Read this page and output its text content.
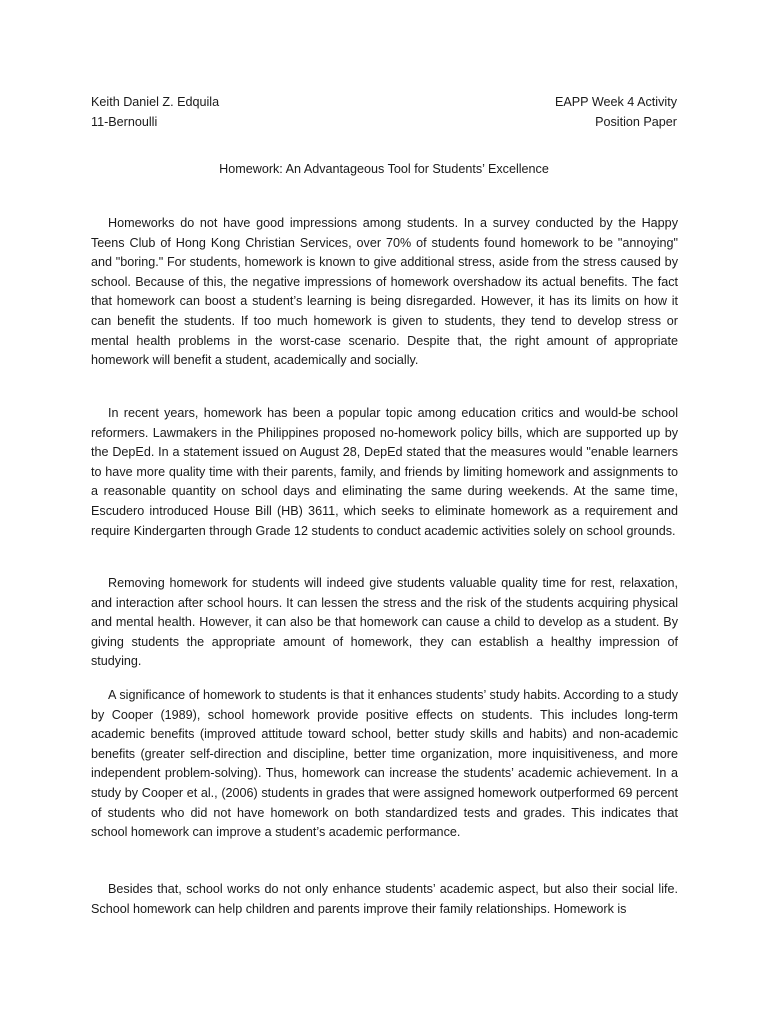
Keith Daniel Z. Edquila	EAPP Week 4 Activity
11-Bernoulli	Position Paper
Homework: An Advantageous Tool for Students’ Excellence

Homeworks do not have good impressions among students. In a survey conducted by the Happy Teens Club of Hong Kong Christian Services, over 70% of students found homework to be "annoying" and "boring." For students, homework is known to give additional stress, aside from the stress caused by school. Because of this, the negative impressions of homework overshadow its actual benefits. The fact that homework can boost a student’s learning is being disregarded. However, it has its limits on how it can benefit the students. If too much homework is given to students, they tend to develop stress or mental health problems in the worst-case scenario. Despite that, the right amount of appropriate homework will benefit a student, academically and socially.

In recent years, homework has been a popular topic among education critics and would-be school reformers. Lawmakers in the Philippines proposed no-homework policy bills, which are supported up by the DepEd. In a statement issued on August 28, DepEd stated that the measures would "enable learners to have more quality time with their parents, family, and friends by limiting homework and assignments to a reasonable quantity on school days and eliminating the same during weekends. At the same time, Escudero introduced House Bill (HB) 3611, which seeks to eliminate homework as a requirement and require Kindergarten through Grade 12 students to conduct academic activities solely on school grounds.

Removing homework for students will indeed give students valuable quality time for rest, relaxation, and interaction after school hours. It can lessen the stress and the risk of the students acquiring physical and mental health. However, it can also be that homework can cause a child to develop as a student. By giving students the appropriate amount of homework, they can establish a healthy impression of studying.

A significance of homework to students is that it enhances students’ study habits. According to a study by Cooper (1989), school homework provide positive effects on students. This includes long-term academic benefits (improved attitude toward school, better study skills and habits) and non-academic benefits (greater self-direction and discipline, better time organization, more inquisitiveness, and more independent problem-solving). Thus, homework can increase the students’ academic achievement. In a study by Cooper et al., (2006) students in grades that were assigned homework outperformed 69 percent of students who did not have homework on both standardized tests and grades. This indicates that school homework can improve a student’s academic performance.

Besides that, school works do not only enhance students’ academic aspect, but also their social life. School homework can help children and parents improve their family relationships. Homework is
